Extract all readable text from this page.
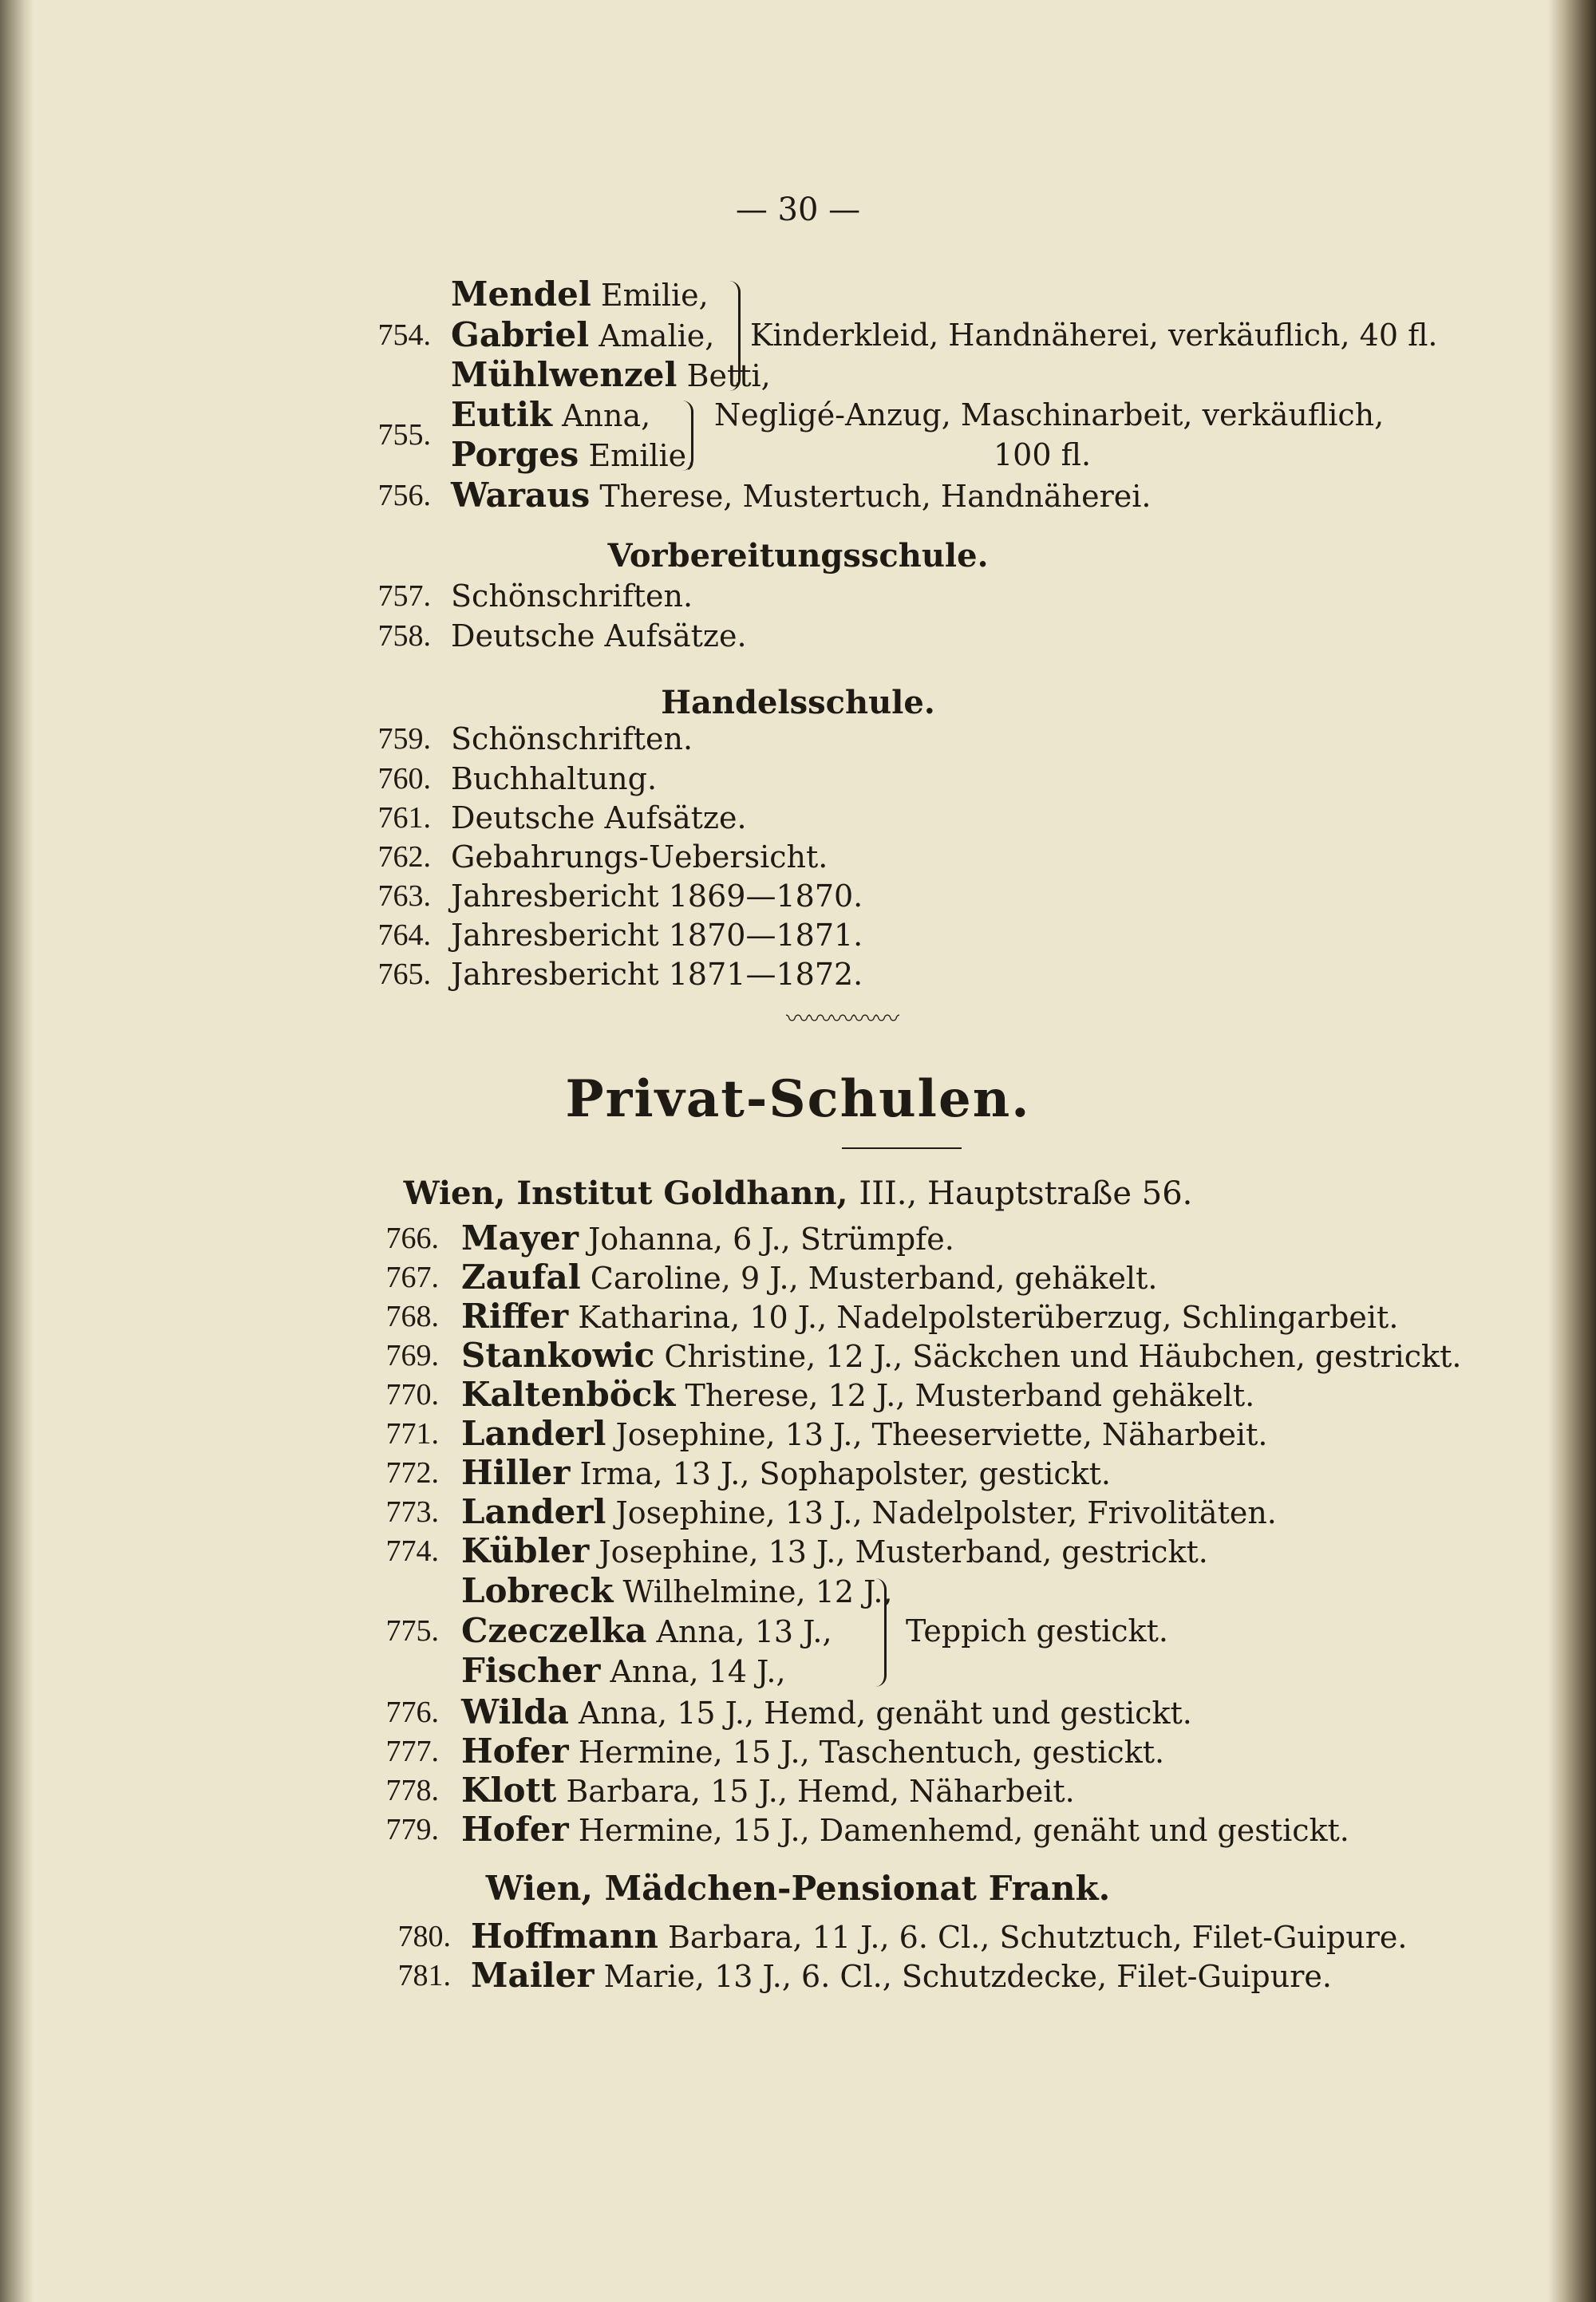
— 30 —
Mendel Emilie,
Gabriel Amalie,
Mühlwenzel Betti,
754.	Kinderkleid, Handnäherei, verkäuflich, 40 fl.
Eutik Anna,
Porges Emilie,
755.
Negligé-Anzug, Maschinarbeit, verkäuflich,
100 fl.
756. Waraus Therese, Mustertuch, Handnäherei.
Vorbereitungsschule.
757. Schönschriften.
758. Deutsche Aufsätze.
Handelsschule.
759. Schönschriften.
760. Buchhaltung.
761. Deutsche Aufsätze.
762. Gebahrungs-Uebersicht.
763. Jahresbericht 1869—1870.
764. Jahresbericht 1870—1871.
765. Jahresbericht 1871—1872.
〰〰〰〰〰
Privat-Schulen.
Wien, Institut Goldhann, III., Hauptstraße 56.
766. Mayer Johanna, 6 J., Strümpfe.
767. Zaufal Caroline, 9 J., Musterband, gehäkelt.
768. Riffer Katharina, 10 J., Nadelpolsterüberzug, Schlingarbeit.
769. Stankowic Christine, 12 J., Säckchen und Häubchen, gestrickt.
770. Kaltenböck Therese, 12 J., Musterband gehäkelt.
771. Landerl Josephine, 13 J., Theeserviette, Näharbeit.
772. Hiller Irma, 13 J., Sophapolster, gestickt.
773. Landerl Josephine, 13 J., Nadelpolster, Frivolitäten.
774. Kübler Josephine, 13 J., Musterband, gestrickt.
Lobreck Wilhelmine, 12 J.,
Czeczelka Anna, 13 J.,
Fischer Anna, 14 J.,
775.	Teppich gestickt.
776. Wilda Anna, 15 J., Hemd, genäht und gestickt.
777. Hofer Hermine, 15 J., Taschentuch, gestickt.
778. Klott Barbara, 15 J., Hemd, Näharbeit.
779. Hofer Hermine, 15 J., Damenhemd, genäht und gestickt.
Wien, Mädchen-Pensionat Frank.
780. Hoffmann Barbara, 11 J., 6. Cl., Schutztuch, Filet-Guipure.
781. Mailer Marie, 13 J., 6. Cl., Schutzdecke, Filet-Guipure.
